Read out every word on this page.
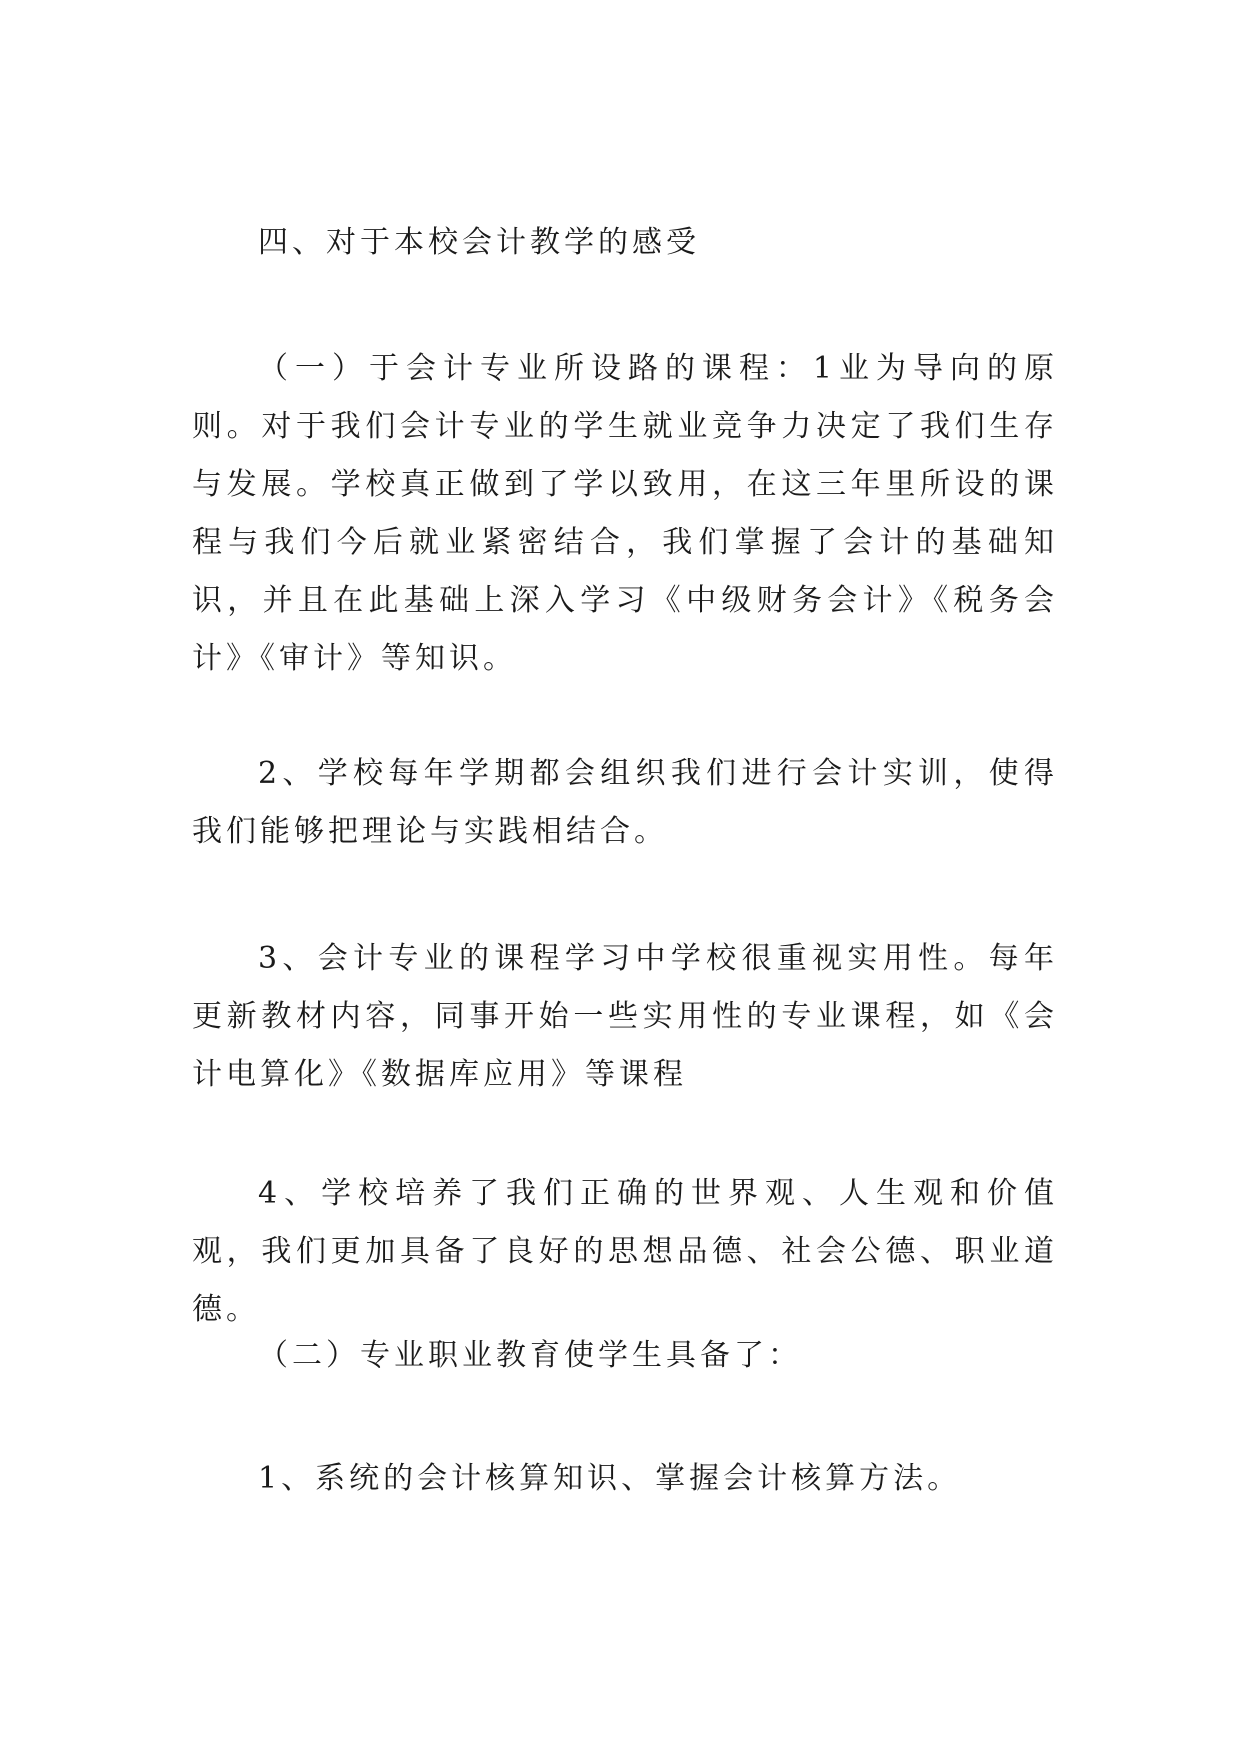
四、对于本校会计教学的感受

（一）于会计专业所设路的课程：1业为导向的原则。对于我们会计专业的学生就业竞争力决定了我们生存与发展。学校真正做到了学以致用，在这三年里所设的课程与我们今后就业紧密结合，我们掌握了会计的基础知识，并且在此基础上深入学习《中级财务会计》《税务会计》《审计》等知识。

2、学校每年学期都会组织我们进行会计实训，使得我们能够把理论与实践相结合。

3、会计专业的课程学习中学校很重视实用性。每年更新教材内容，同事开始一些实用性的专业课程，如《会计电算化》《数据库应用》等课程

4、学校培养了我们正确的世界观、人生观和价值观，我们更加具备了良好的思想品德、社会公德、职业道德。

（二）专业职业教育使学生具备了：

1、系统的会计核算知识、掌握会计核算方法。
